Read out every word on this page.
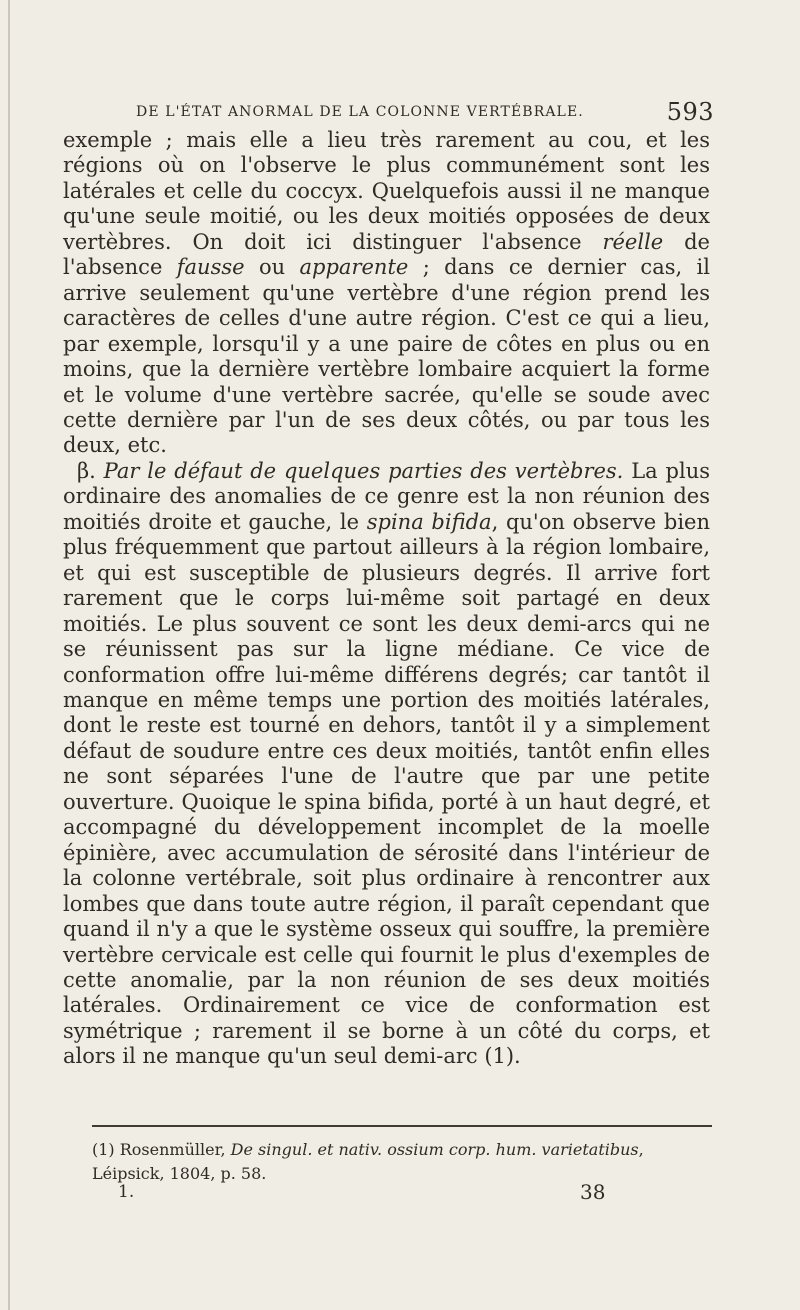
DE L'ÉTAT ANORMAL DE LA COLONNE VERTÉBRALE.	593

exemple ; mais elle a lieu très rarement au cou, et les régions où on l'observe le plus communément sont les latérales et celle du coccyx. Quelquefois aussi il ne manque qu'une seule moitié, ou les deux moitiés opposées de deux vertèbres. On doit ici distinguer l'absence réelle de l'absence fausse ou apparente ; dans ce dernier cas, il arrive seulement qu'une vertèbre d'une région prend les caractères de celles d'une autre région. C'est ce qui a lieu, par exemple, lorsqu'il y a une paire de côtes en plus ou en moins, que la dernière vertèbre lombaire acquiert la forme et le volume d'une vertèbre sacrée, qu'elle se soude avec cette dernière par l'un de ses deux côtés, ou par tous les deux, etc.

β. Par le défaut de quelques parties des vertèbres. La plus ordinaire des anomalies de ce genre est la non réunion des moitiés droite et gauche, le spina bifida, qu'on observe bien plus fréquemment que partout ailleurs à la région lombaire, et qui est susceptible de plusieurs degrés. Il arrive fort rarement que le corps lui-même soit partagé en deux moitiés. Le plus souvent ce sont les deux demi-arcs qui ne se réunissent pas sur la ligne médiane. Ce vice de conformation offre lui-même différens degrés; car tantôt il manque en même temps une portion des moitiés latérales, dont le reste est tourné en dehors, tantôt il y a simplement défaut de soudure entre ces deux moitiés, tantôt enfin elles ne sont séparées l'une de l'autre que par une petite ouverture. Quoique le spina bifida, porté à un haut degré, et accompagné du développement incomplet de la moelle épinière, avec accumulation de sérosité dans l'intérieur de la colonne vertébrale, soit plus ordinaire à rencontrer aux lombes que dans toute autre région, il paraît cependant que quand il n'y a que le système osseux qui souffre, la première vertèbre cervicale est celle qui fournit le plus d'exemples de cette anomalie, par la non réunion de ses deux moitiés latérales. Ordinairement ce vice de conformation est symétrique ; rarement il se borne à un côté du corps, et alors il ne manque qu'un seul demi-arc (1).

(1) Rosenmüller, De singul. et nativ. ossium corp. hum. varietatibus, Léipsick, 1804, p. 58.
1.	38
